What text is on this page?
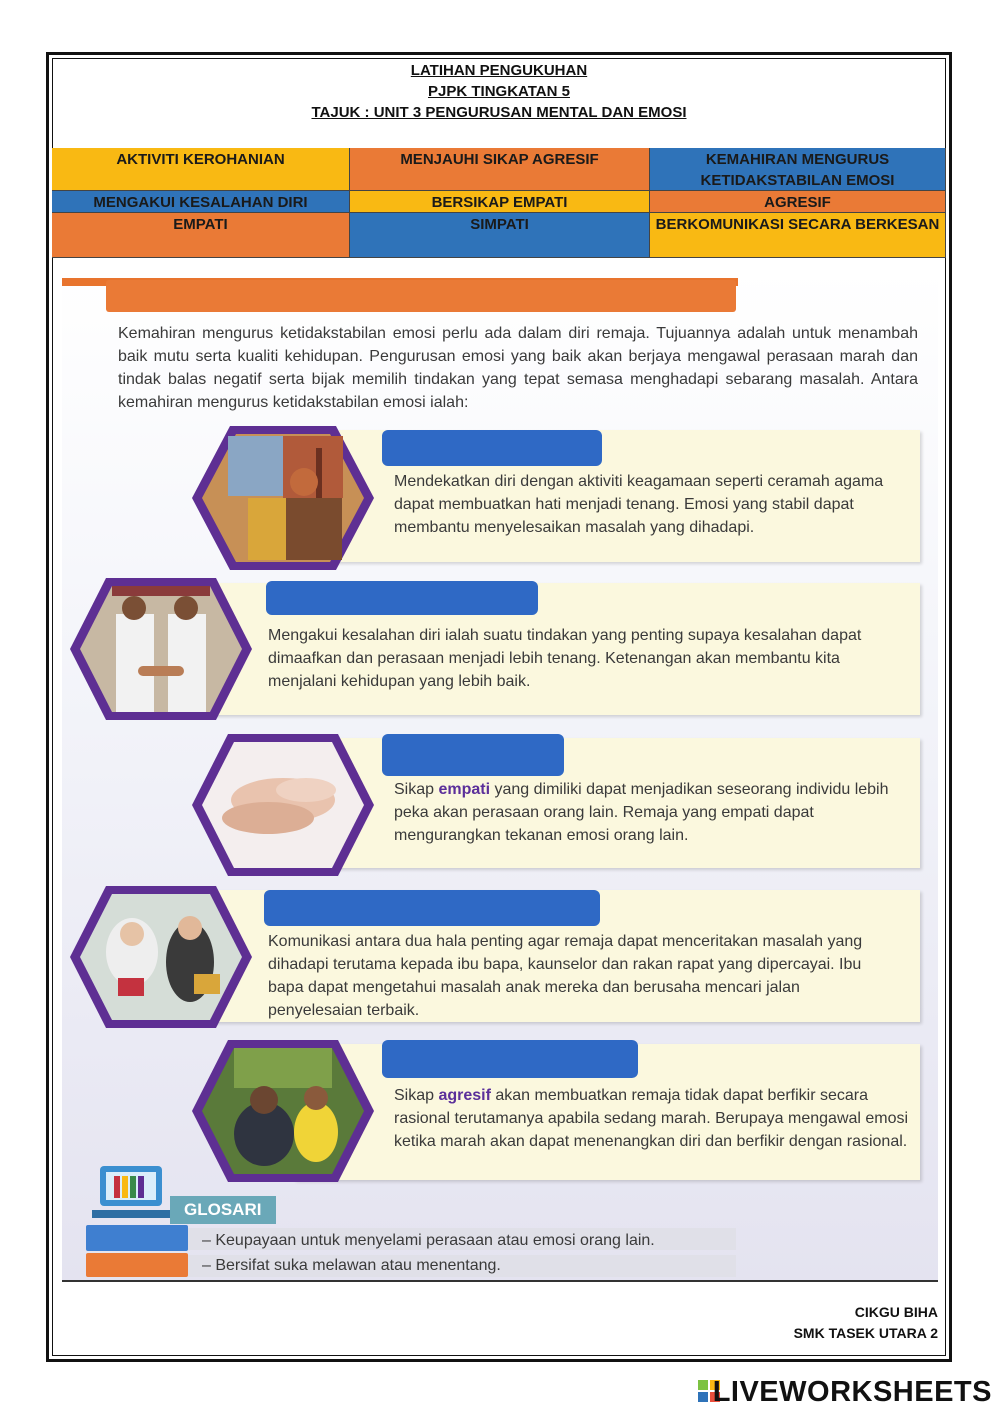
LATIHAN PENGUKUHAN
PJPK TINGKATAN 5
TAJUK : UNIT 3 PENGURUSAN MENTAL DAN EMOSI
AKTIVITI KEROHANIAN	MENJAUHI SIKAP AGRESIF	KEMAHIRAN MENGURUS KETIDAKSTABILAN EMOSI
MENGAKUI KESALAHAN DIRI	BERSIKAP EMPATI	AGRESIF
EMPATI	SIMPATI	BERKOMUNIKASI SECARA BERKESAN
Kemahiran mengurus ketidakstabilan emosi perlu ada dalam diri remaja. Tujuannya adalah untuk menambah baik mutu serta kualiti kehidupan. Pengurusan emosi yang baik akan berjaya mengawal perasaan marah dan tindak balas negatif serta bijak memilih tindakan yang tepat semasa menghadapi sebarang masalah. Antara kemahiran mengurus ketidakstabilan emosi ialah:
Mendekatkan diri dengan aktiviti keagamaan seperti ceramah agama dapat membuatkan hati menjadi tenang. Emosi yang stabil dapat membantu menyelesaikan masalah yang dihadapi.
Mengakui kesalahan diri ialah suatu tindakan yang penting supaya kesalahan dapat dimaafkan dan perasaan menjadi lebih tenang. Ketenangan akan membantu kita menjalani kehidupan yang lebih baik.
Sikap empati yang dimiliki dapat menjadikan seseorang individu lebih peka akan perasaan orang lain. Remaja yang empati dapat mengurangkan tekanan emosi orang lain.
Komunikasi antara dua hala penting agar remaja dapat menceritakan masalah yang dihadapi terutama kepada ibu bapa, kaunselor dan rakan rapat yang dipercayai. Ibu bapa dapat mengetahui masalah anak mereka dan berusaha mencari jalan penyelesaian terbaik.
Sikap agresif akan membuatkan remaja tidak dapat berfikir secara rasional terutamanya apabila sedang marah. Berupaya mengawal emosi ketika marah akan dapat menenangkan diri dan berfikir dengan rasional.
GLOSARI
– Keupayaan untuk menyelami perasaan atau emosi orang lain.
– Bersifat suka melawan atau menentang.
CIKGU BIHA
SMK TASEK UTARA 2
LIVEWORKSHEETS
